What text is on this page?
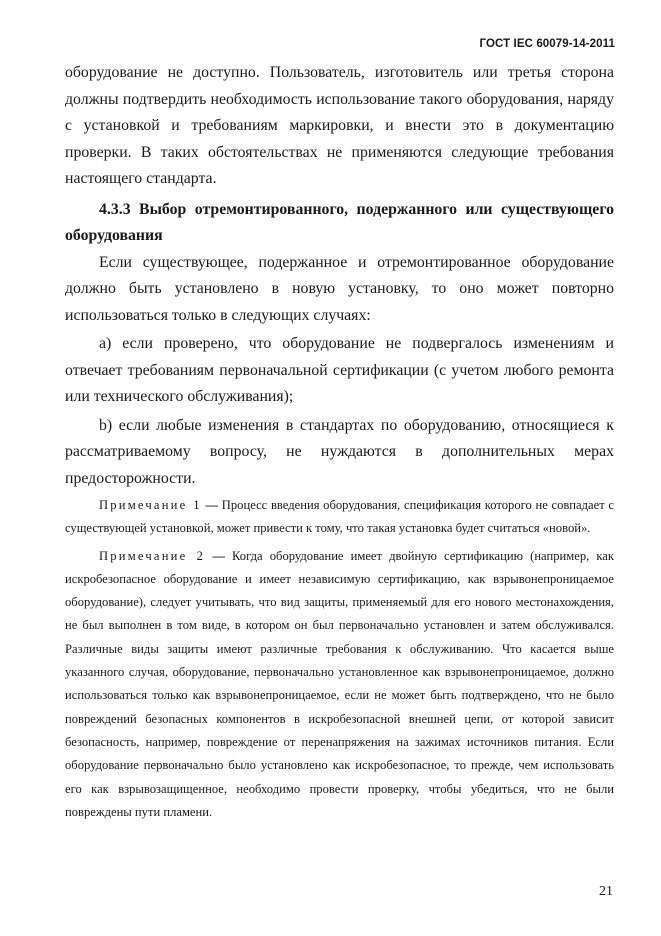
ГОСТ IEC 60079-14-2011

оборудование не доступно. Пользователь, изготовитель или третья сторона должны подтвердить необходимость использование такого оборудования, наряду с установкой и требованиям маркировки, и внести это в документацию проверки. В таких обстоятельствах не применяются следующие требования настоящего стандарта.

4.3.3 Выбор отремонтированного, подержанного или существующего оборудования

Если существующее, подержанное и отремонтированное оборудование должно быть установлено в новую установку, то оно может повторно использоваться только в следующих случаях:

а) если проверено, что оборудование не подвергалось изменениям и отвечает требованиям первоначальной сертификации (с учетом любого ремонта или технического обслуживания);

b) если любые изменения в стандартах по оборудованию, относящиеся к рассматриваемому вопросу, не нуждаются в дополнительных мерах предосторожности.

Примечание 1 — Процесс введения оборудования, спецификация которого не совпадает с существующей установкой, может привести к тому, что такая установка будет считаться «новой».

Примечание 2 — Когда оборудование имеет двойную сертификацию (например, как искробезопасное оборудование и имеет независимую сертификацию, как взрывонепроницаемое оборудование), следует учитывать, что вид защиты, применяемый для его нового местонахождения, не был выполнен в том виде, в котором он был первоначально установлен и затем обслуживался. Различные виды защиты имеют различные требования к обслуживанию. Что касается выше указанного случая, оборудование, первоначально установленное как взрывонепроницаемое, должно использоваться только как взрывонепроницаемое, если не может быть подтверждено, что не было повреждений безопасных компонентов в искробезопасной внешней цепи, от которой зависит безопасность, например, повреждение от перенапряжения на зажимах источников питания. Если оборудование первоначально было установлено как искробезопасное, то прежде, чем использовать его как взрывозащищенное, необходимо провести проверку, чтобы убедиться, что не были повреждены пути пламени.

21
